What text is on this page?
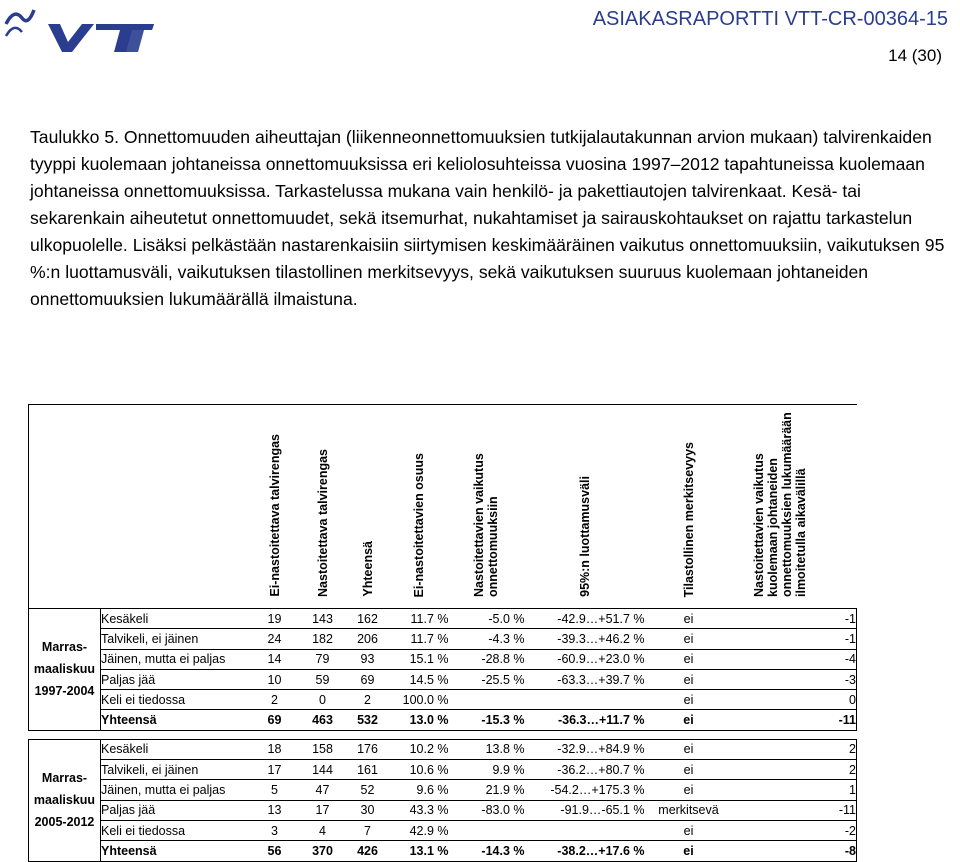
ASIAKASRAPORTTI VTT-CR-00364-15
14 (30)
Taulukko 5. Onnettomuuden aiheuttajan (liikenneonnettomuuksien tutkijalautakunnan arvion mukaan) talvirenkaiden tyyppi kuolemaan johtaneissa onnettomuuksissa eri keliolosuhteissa vuosina 1997–2012 tapahtuneissa kuolemaan johtaneissa onnettomuuksissa. Tarkastelussa mukana vain henkilö- ja pakettiautojen talvirenkaat. Kesä- tai sekarenkain aiheutetut onnettomuudet, sekä itsemurhat, nukahtamiset ja sairauskohtaukset on rajattu tarkastelun ulkopuolelle. Lisäksi pelkästään nastarenkaisiin siirtymisen keskimääräinen vaikutus onnettomuuksiin, vaikutuksen 95 %:n luottamusväli, vaikutuksen tilastollinen merkitsevyys, sekä vaikutuksen suuruus kuolemaan johtaneiden onnettomuuksien lukumäärällä ilmaistuna.
		Ei-nastoitettava talvirengas	Nastoitettava talvirengas	Yhteensä	Ei-nastoitettavien osuus	Nastoitettavien vaikutus onnettomuuksiin	95%:n luottamusväli	Tilastollinen merkitsevyys	Nastoitettavien vaikutus kuolemaan johtaneiden onnettomuuksien lukumäärään ilmoitetulla aikavälillä

Marras-
maaliskuu
1997-2004	Kesäkeli	19	143	162	11.7 %	-5.0 %	-42.9…+51.7 %	ei	-1
	Talvikeli, ei jäinen	24	182	206	11.7 %	-4.3 %	-39.3…+46.2 %	ei	-1
	Jäinen, mutta ei paljas	14	79	93	15.1 %	-28.8 %	-60.9…+23.0 %	ei	-4
	Paljas jää	10	59	69	14.5 %	-25.5 %	-63.3…+39.7 %	ei	-3
	Keli ei tiedossa	2	0	2	100.0 %			ei	0
	Yhteensä	69	463	532	13.0 %	-15.3 %	-36.3…+11.7 %	ei	-11

Marras-
maaliskuu
2005-2012	Kesäkeli	18	158	176	10.2 %	13.8 %	-32.9…+84.9 %	ei	2
	Talvikeli, ei jäinen	17	144	161	10.6 %	9.9 %	-36.2…+80.7 %	ei	2
	Jäinen, mutta ei paljas	5	47	52	9.6 %	21.9 %	-54.2…+175.3 %	ei	1
	Paljas jää	13	17	30	43.3 %	-83.0 %	-91.9…-65.1 %	merkitsevä	-11
	Keli ei tiedossa	3	4	7	42.9 %			ei	-2
	Yhteensä	56	370	426	13.1 %	-14.3 %	-38.2…+17.6 %	ei	-8
